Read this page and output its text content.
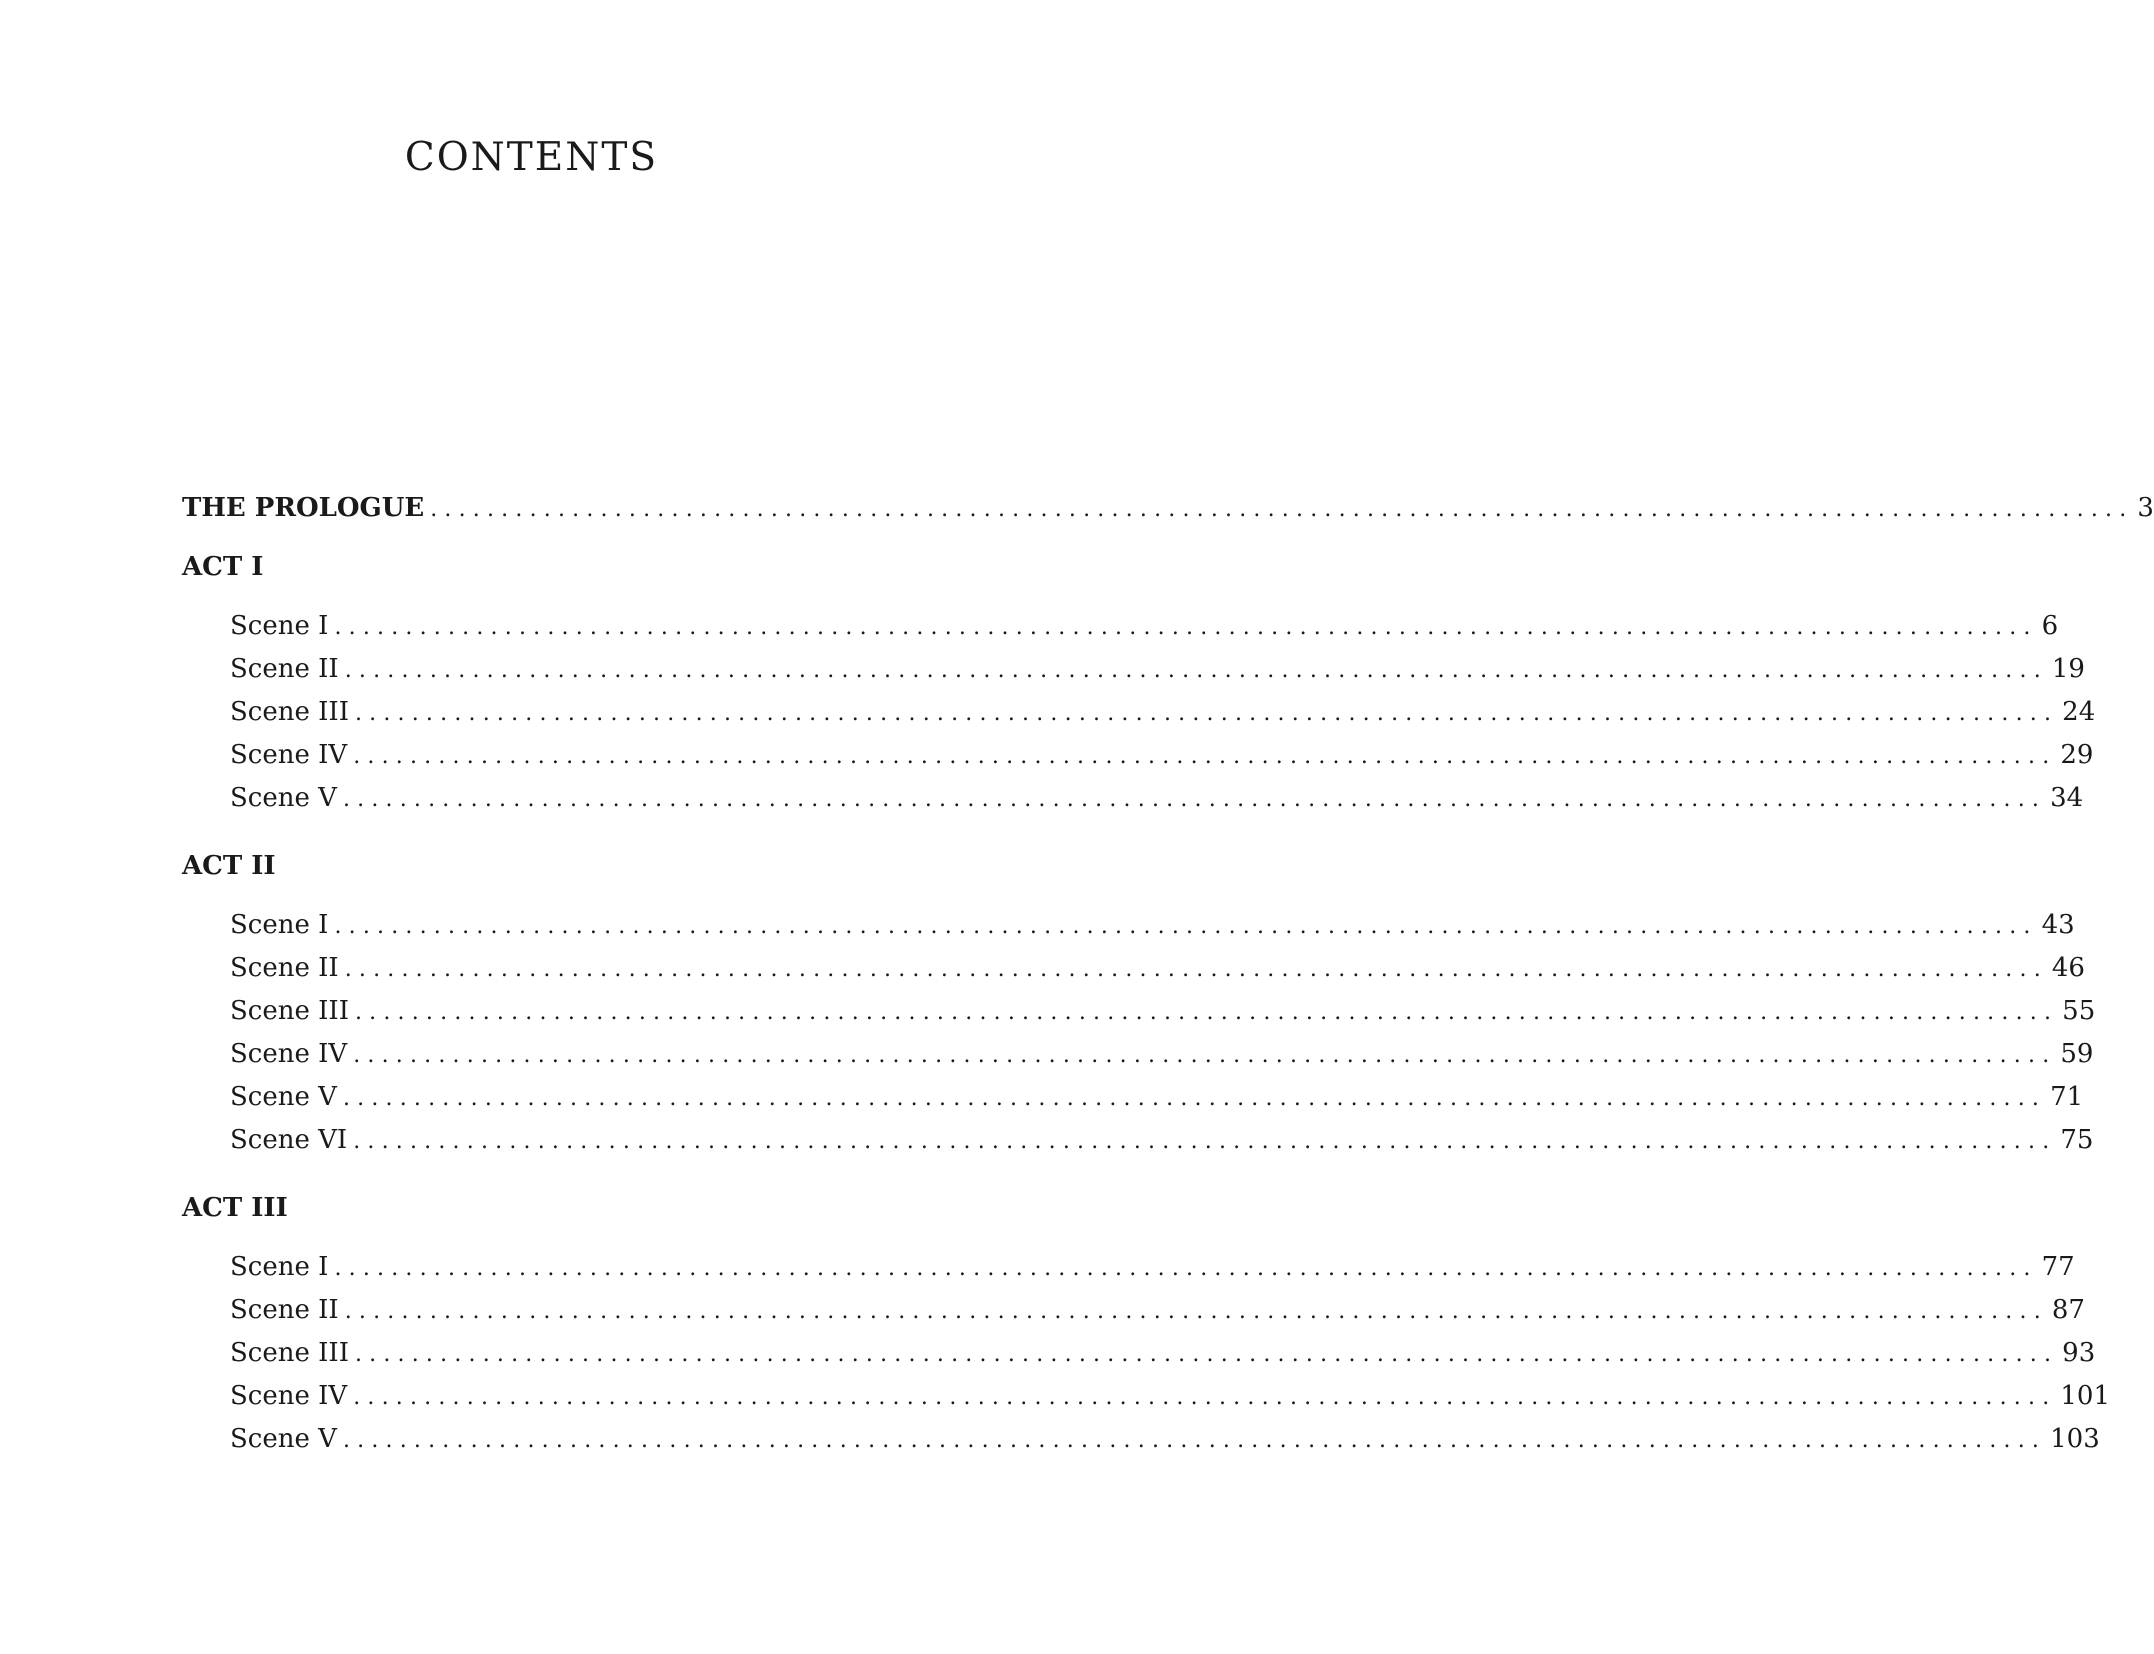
CONTENTS
THE PROLOGUE ........................................................................................................................ 3
ACT I
Scene I ........................................................................................................................ 6
Scene II ........................................................................................................................ 19
Scene III ........................................................................................................................ 24
Scene IV ........................................................................................................................ 29
Scene V ........................................................................................................................ 34
ACT II
Scene I ........................................................................................................................ 43
Scene II ........................................................................................................................ 46
Scene III ........................................................................................................................ 55
Scene IV ........................................................................................................................ 59
Scene V ........................................................................................................................ 71
Scene VI ........................................................................................................................ 75
ACT III
Scene I ........................................................................................................................ 77
Scene II ........................................................................................................................ 87
Scene III ........................................................................................................................ 93
Scene IV ........................................................................................................................ 101
Scene V ........................................................................................................................ 103
